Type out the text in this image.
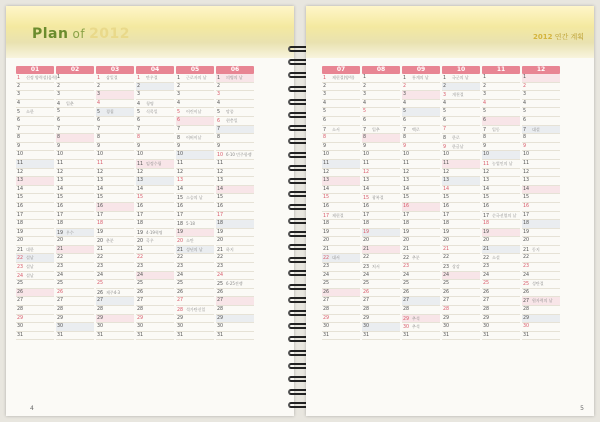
Plan of 2012
01
1 신정 양력설(음력)
2
3
4
5 소한
6
7
8
9
10
11
12
13
14
15
16
17
18
19
20
21 대한
22 설날
23 설날
24 설날
25
26
27
28
29
30
31
02
1
2
3
4 입춘
5
6
7
8
9
10
11
12
13
14
15
16
17
18
19 우수
20
21
22
23
24
25
26
27
28
29
30
31
03
1 삼일절
2
3
4
5 경칩
6
7
8
9
10
11
12
13
14
15
16
17
18
19
20 춘분
21
22
23
24
25
26 제주4·3
27
28
29
30
31
04
1 만우절
2
3
4 청명
5 식목일
6
7
8
9
10
11 임정수립
12
13
14
15
16
17
18
19 4·19혁명
20 곡우
21
22
23
24
25
26
27
28
29
30
31
05
1 근로자의 날
2
3
4
5 어린이날
6
7
8 어버이날
9
10
11
12
13
14
15 스승의 날
16
17
18 5·18
19
20 소만
21 성년의 날
22
23
24
25
26
27
28 석가탄신일
29
30
31
06
1 의병의 날
2
3
4
5 망종
6 현충일
7
8
9
10 6·10 민주항쟁
11
12
13
14
15
16
17
18
19
20
21 하지
22
23
24
25 6·25전쟁
26
27
28
29
30
31
4
2012 연간 계획
07
1 제헌절(양력)
2
3
4
5
6
7 소서
8
9
10
11
12
13
14
15
16
17 제헌절
18
19
20
21
22 대서
23
24
25
26
27
28
29
30
31
08
1
2
3
4
5
6
7 입추
8
9
10
11
12
13
14
15 광복절
16
17
18
19
20
21
22
23 처서
24
25
26
27
28
29
30
31
09
1 통계의 날
2
3
4
5
6
7 백로
8
9
10
11
12
13
14
15
16
17
18
19
20
21
22 추분
23
24
25
26
27
28
29 추석
30 추석
31
10
1 국군의 날
2
3 개천절
4
5
6
7
8 한로
9 한글날
10
11
12
13
14
15
16
17
18
19
20
21
22
23 상강
24
25
26
27
28
29
30
31
11
1
2
3
4
5
6
7 입동
8
9
10
11 농업인의 날
12
13
14
15
16
17 순국선열의 날
18
19
20
21
22 소설
23
24
25
26
27
28
29
30
31
12
1
2
3
4
5
6
7 대설
8
9
10
11
12
13
14
15
16
17
18
19
20
21 동지
22
23
24
25 성탄절
26
27 원자력의 날
28
29
30
31
5
